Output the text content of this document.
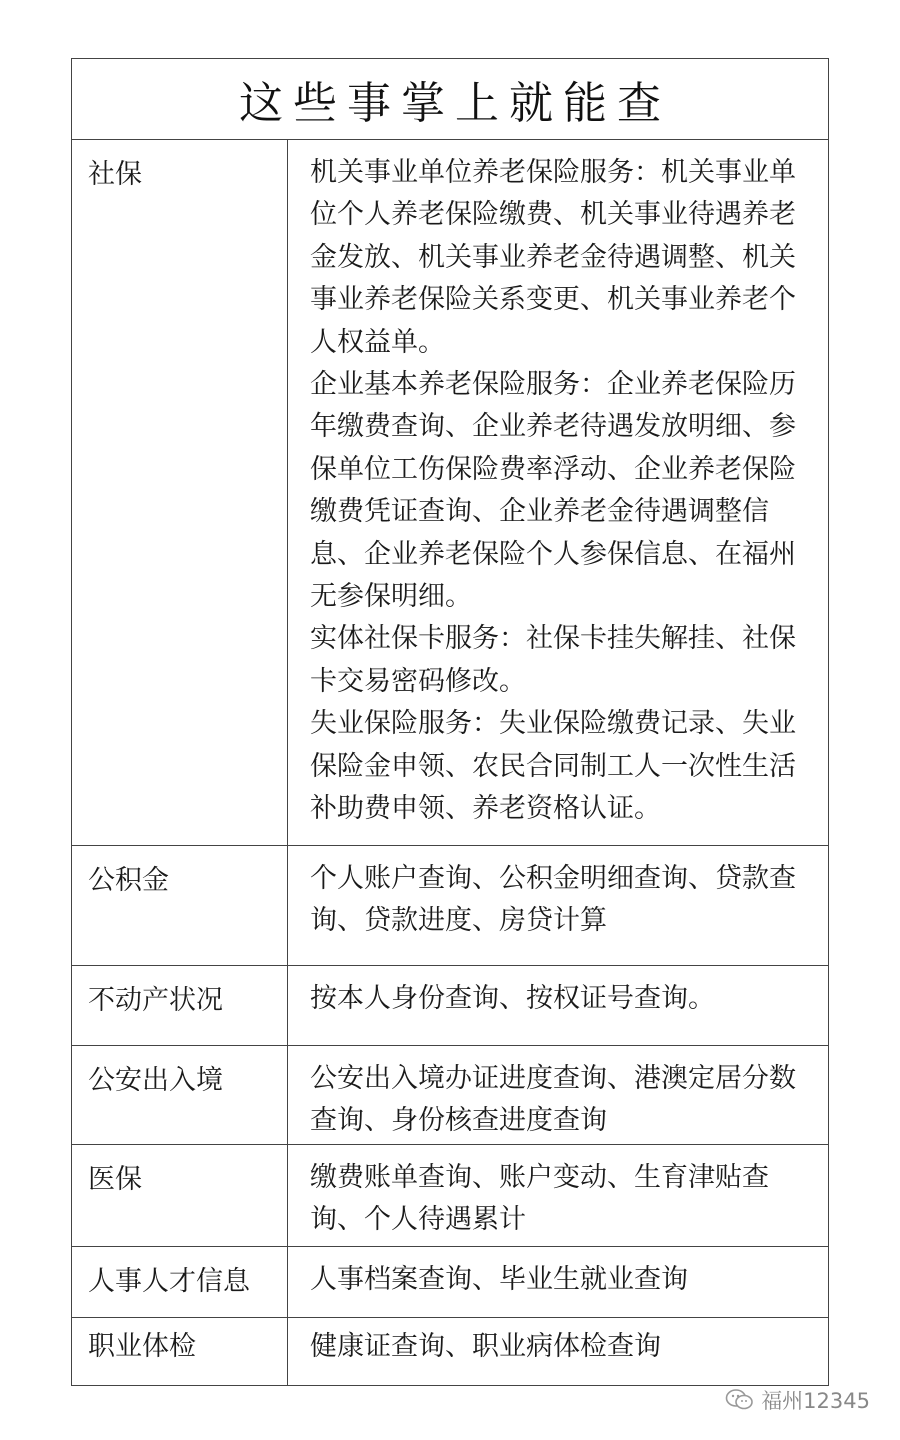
这些事掌上就能查
社保	机关事业单位养老保险服务：机关事业单位个人养老保险缴费、机关事业待遇养老金发放、机关事业养老金待遇调整、机关事业养老保险关系变更、机关事业养老个人权益单。

企业基本养老保险服务：企业养老保险历年缴费查询、企业养老待遇发放明细、参保单位工伤保险费率浮动、企业养老保险缴费凭证查询、企业养老金待遇调整信息、企业养老保险个人参保信息、在福州无参保明细。

实体社保卡服务：社保卡挂失解挂、社保卡交易密码修改。

失业保险服务：失业保险缴费记录、失业保险金申领、农民合同制工人一次性生活补助费申领、养老资格认证。

公积金	个人账户查询、公积金明细查询、贷款查询、贷款进度、房贷计算

不动产状况	按本人身份查询、按权证号查询。

公安出入境	公安出入境办证进度查询、港澳定居分数查询、身份核查进度查询

医保	缴费账单查询、账户变动、生育津贴查询、个人待遇累计

人事人才信息 人事档案查询、毕业生就业查询

职业体检	健康证查询、职业病体检查询

福州12345
